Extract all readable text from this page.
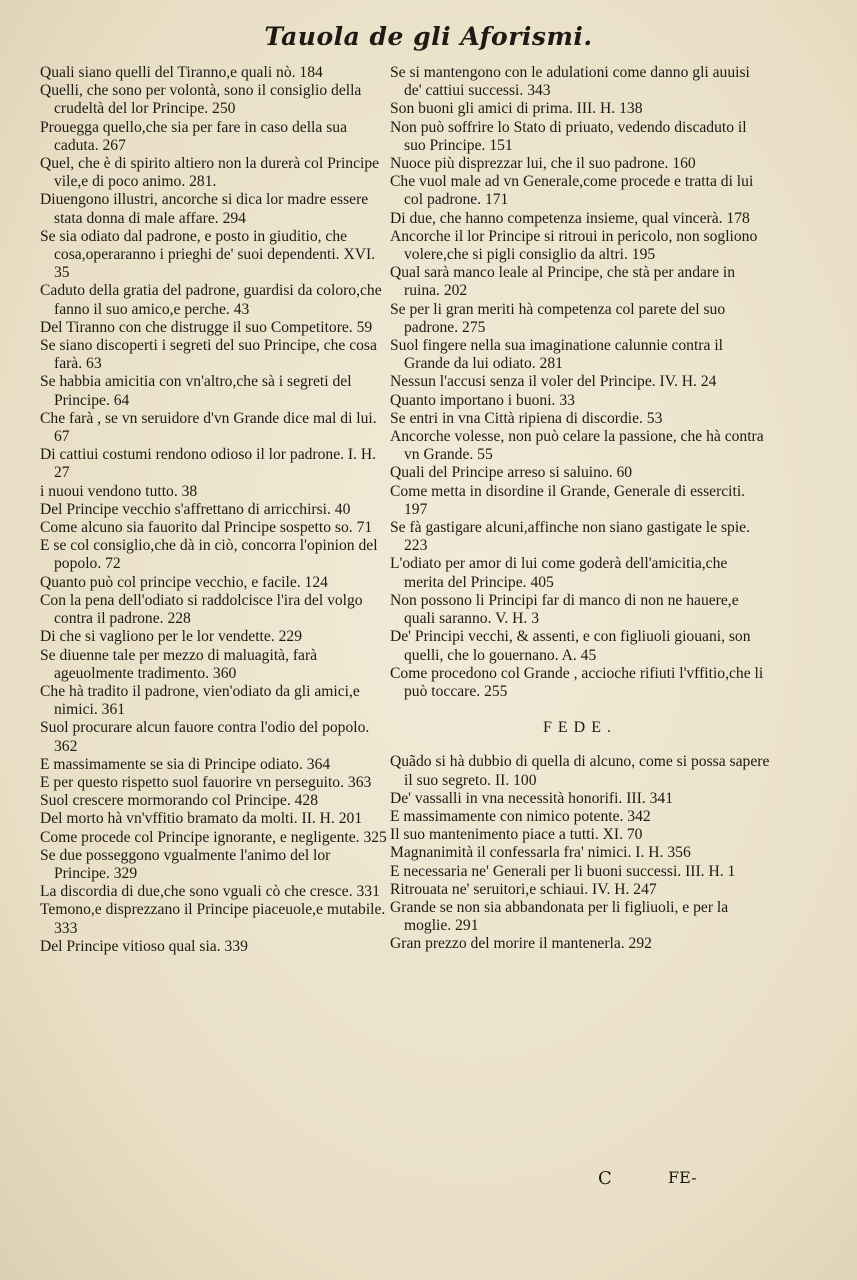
Tauola de gli Aforismi.

Quali siano quelli del Tiranno,e quali nò. 184

Quelli, che sono per volontà, sono il consiglio della crudeltà del lor Principe. 250

Prouegga quello,che sia per fare in caso della sua caduta. 267

Quel, che è di spirito altiero non la durerà col Principe vile,e di poco animo. 281.

Diuengono illustri, ancorche si dica lor madre essere stata donna di male affare. 294

Se sia odiato dal padrone, e posto in giuditio, che cosa,operaranno i prieghi de' suoi dependenti. XVI. 35

Caduto della gratia del padrone, guardisi da coloro,che fanno il suo amico,e perche. 43

Del Tiranno con che distrugge il suo Competitore. 59

Se siano discoperti i segreti del suo Principe, che cosa farà. 63

Se habbia amicitia con vn'altro,che sà i segreti del Principe. 64

Che farà , se vn seruidore d'vn Grande dice mal di lui. 67

Di cattiui costumi rendono odioso il lor padrone. I. H. 27

i nuoui vendono tutto. 38

Del Principe vecchio s'affrettano di arricchirsi. 40

Come alcuno sia fauorito dal Principe sospetto so. 71

E se col consiglio,che dà in ciò, concorra l'opinion del popolo. 72

Quanto può col principe vecchio, e facile. 124

Con la pena dell'odiato si raddolcisce l'ira del volgo contra il padrone. 228

Di che si vagliono per le lor vendette. 229

Se diuenne tale per mezzo di maluagità, farà ageuolmente tradimento. 360

Che hà tradito il padrone, vien'odiato da gli amici,e nimici. 361

Suol procurare alcun fauore contra l'odio del popolo. 362

E massimamente se sia di Principe odiato. 364

E per questo rispetto suol fauorire vn perseguito. 363

Suol crescere mormorando col Principe. 428

Del morto hà vn'vffitio bramato da molti. II. H. 201

Come procede col Principe ignorante, e negligente. 325

Se due posseggono vgualmente l'animo del lor Principe. 329

La discordia di due,che sono vguali cò che cresce. 331

Temono,e disprezzano il Principe piaceuole,e mutabile. 333

Del Principe vitioso qual sia. 339

Se si mantengono con le adulationi come danno gli auuisi de' cattiui successi. 343

Son buoni gli amici di prima. III. H. 138

Non può soffrire lo Stato di priuato, vedendo discaduto il suo Principe. 151

Nuoce più disprezzar lui, che il suo padrone. 160

Che vuol male ad vn Generale,come procede e tratta di lui col padrone. 171

Di due, che hanno competenza insieme, qual vincerà. 178

Ancorche il lor Principe si ritroui in pericolo, non sogliono volere,che si pigli consiglio da altri. 195

Qual sarà manco leale al Principe, che stà per andare in ruina. 202

Se per li gran meriti hà competenza col parete del suo padrone. 275

Suol fingere nella sua imaginatione calunnie contra il Grande da lui odiato. 281

Nessun l'accusi senza il voler del Principe. IV. H. 24

Quanto importano i buoni. 33

Se entri in vna Città ripiena di discordie. 53

Ancorche volesse, non può celare la passione, che hà contra vn Grande. 55

Quali del Principe arreso si saluino. 60

Come metta in disordine il Grande, Generale di esserciti. 197

Se fà gastigare alcuni,affinche non siano gastigate le spie. 223

L'odiato per amor di lui come goderà dell'amicitia,che merita del Principe. 405

Non possono li Principi far di manco di non ne hauere,e quali saranno. V. H. 3

De' Principi vecchi, & assenti, e con figliuoli giouani, son quelli, che lo gouernano. A. 45

Come procedono col Grande , accioche rifiuti l'vffitio,che li può toccare. 255

FEDE.

Quãdo si hà dubbio di quella di alcuno, come si possa sapere il suo segreto. II. 100

De' vassalli in vna necessità honorifi. III. 341

E massimamente con nimico potente. 342

Il suo mantenimento piace a tutti. XI. 70

Magnanimità il confessarla fra' nimici. I. H. 356

E necessaria ne' Generali per li buoni successi. III. H. 1

Ritrouata ne' seruitori,e schiaui. IV. H. 247

Grande se non sia abbandonata per li figliuoli, e per la moglie. 291

Gran prezzo del morire il mantenerla. 292

C	FE-
